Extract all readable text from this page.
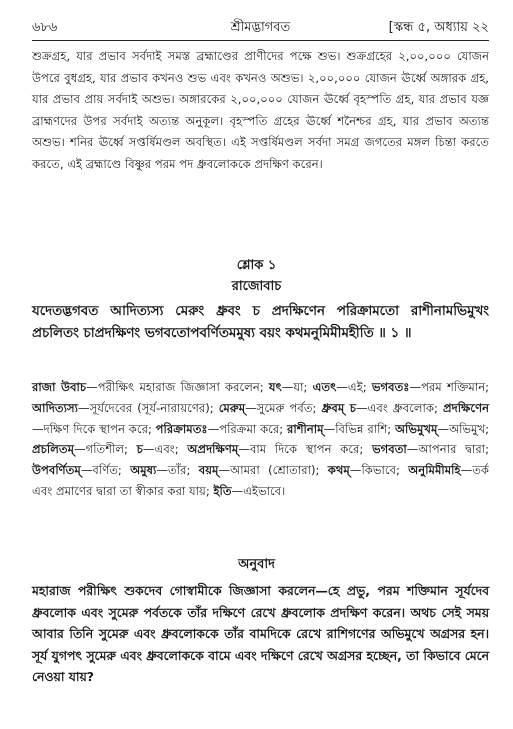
৬৮৬	শ্রীমদ্ভাগবত	[স্কন্ধ ৫, অধ্যায় ২২

শুক্রগ্রহ, যার প্রভাব সর্বদাই সমস্ত ব্রহ্মাণ্ডের প্রাণীদের পক্ষে শুভ। শুক্রগ্রহের ২,০০,০০০ যোজন উপরে বুধগ্রহ, যার প্রভাব কখনও শুভ এবং কখনও অশুভ। ২,০০,০০০ যোজন ঊর্ধ্বে অঙ্গারক গ্রহ, যার প্রভাব প্রায় সর্বদাই অশুভ। অঙ্গারকের ২,০০,০০০ যোজন ঊর্ধ্বে বৃহস্পতি গ্রহ, যার প্রভাব যজ্ঞ ব্রাহ্মণদের উপর সর্বদাই অত্যন্ত অনুকূল। বৃহস্পতি গ্রহের ঊর্ধ্বে শনৈশ্চর গ্রহ, যার প্রভাব অত্যন্ত অশুভ। শনির ঊর্ধ্বে সপ্তর্ষিমণ্ডল অবস্থিত। এই সপ্তর্ষিমণ্ডল সর্বদা সমগ্র জগতের মঙ্গল চিন্তা করতে করতে, এই ব্রহ্মাণ্ডে বিষ্ণুর পরম পদ ধ্রুবলোককে প্রদক্ষিণ করেন।

শ্লোক ১
রাজোবাচ

যদেতদ্ভগবত আদিত্যস্য মেরুং ধ্রুবং চ প্রদক্ষিণেন পরিক্রামতো রাশীনামভিমুখং প্রচলিতং চাপ্রদক্ষিণং ভগবতোপবর্ণিতমমুষ্য বয়ং কথমনুমিমীমহীতি ॥ ১ ॥

রাজা উবাচ—পরীক্ষিৎ মহারাজ জিজ্ঞাসা করলেন; যৎ—যা; এতৎ—এই; ভগবতঃ—পরম শক্তিমান; আদিত্যস্য—সূর্যদেবের (সূর্য-নারায়ণের); মেরুম্—সুমেরু পর্বত; ধ্রুবম্ চ—এবং ধ্রুবলোক; প্রদক্ষিণেন—দক্ষিণ দিকে স্থাপন করে; পরিক্রামতঃ—পরিক্রমা করে; রাশীনাম্—বিভিন্ন রাশি; অভিমুখম্—অভিমুখ; প্রচলিতম্—গতিশীল; চ—এবং; অপ্রদক্ষিণম্—বাম দিকে স্থাপন করে; ভগবতা—আপনার দ্বারা; উপবর্ণিতম্—বর্ণিত; অমুষ্য—তাঁর; বয়ম্—আমরা (শ্রোতারা); কথম্—কিভাবে; অনুমিমীমহি—তর্ক এবং প্রমাণের দ্বারা তা স্বীকার করা যায়; ইতি—এইভাবে।

অনুবাদ

মহারাজ পরীক্ষিৎ শুকদেব গোস্বামীকে জিজ্ঞাসা করলেন—হে প্রভু, পরম শক্তিমান সূর্যদেব ধ্রুবলোক এবং সুমেরু পর্বতকে তাঁর দক্ষিণে রেখে ধ্রুবলোক প্রদক্ষিণ করেন। অথচ সেই সময় আবার তিনি সুমেরু এবং ধ্রুবলোককে তাঁর বামদিকে রেখে রাশিগণের অভিমুখে অগ্রসর হন। সূর্য যুগপৎ সুমেরু এবং ধ্রুবলোককে বামে এবং দক্ষিণে রেখে অগ্রসর হচ্ছেন, তা কিভাবে মেনে নেওয়া যায়?
